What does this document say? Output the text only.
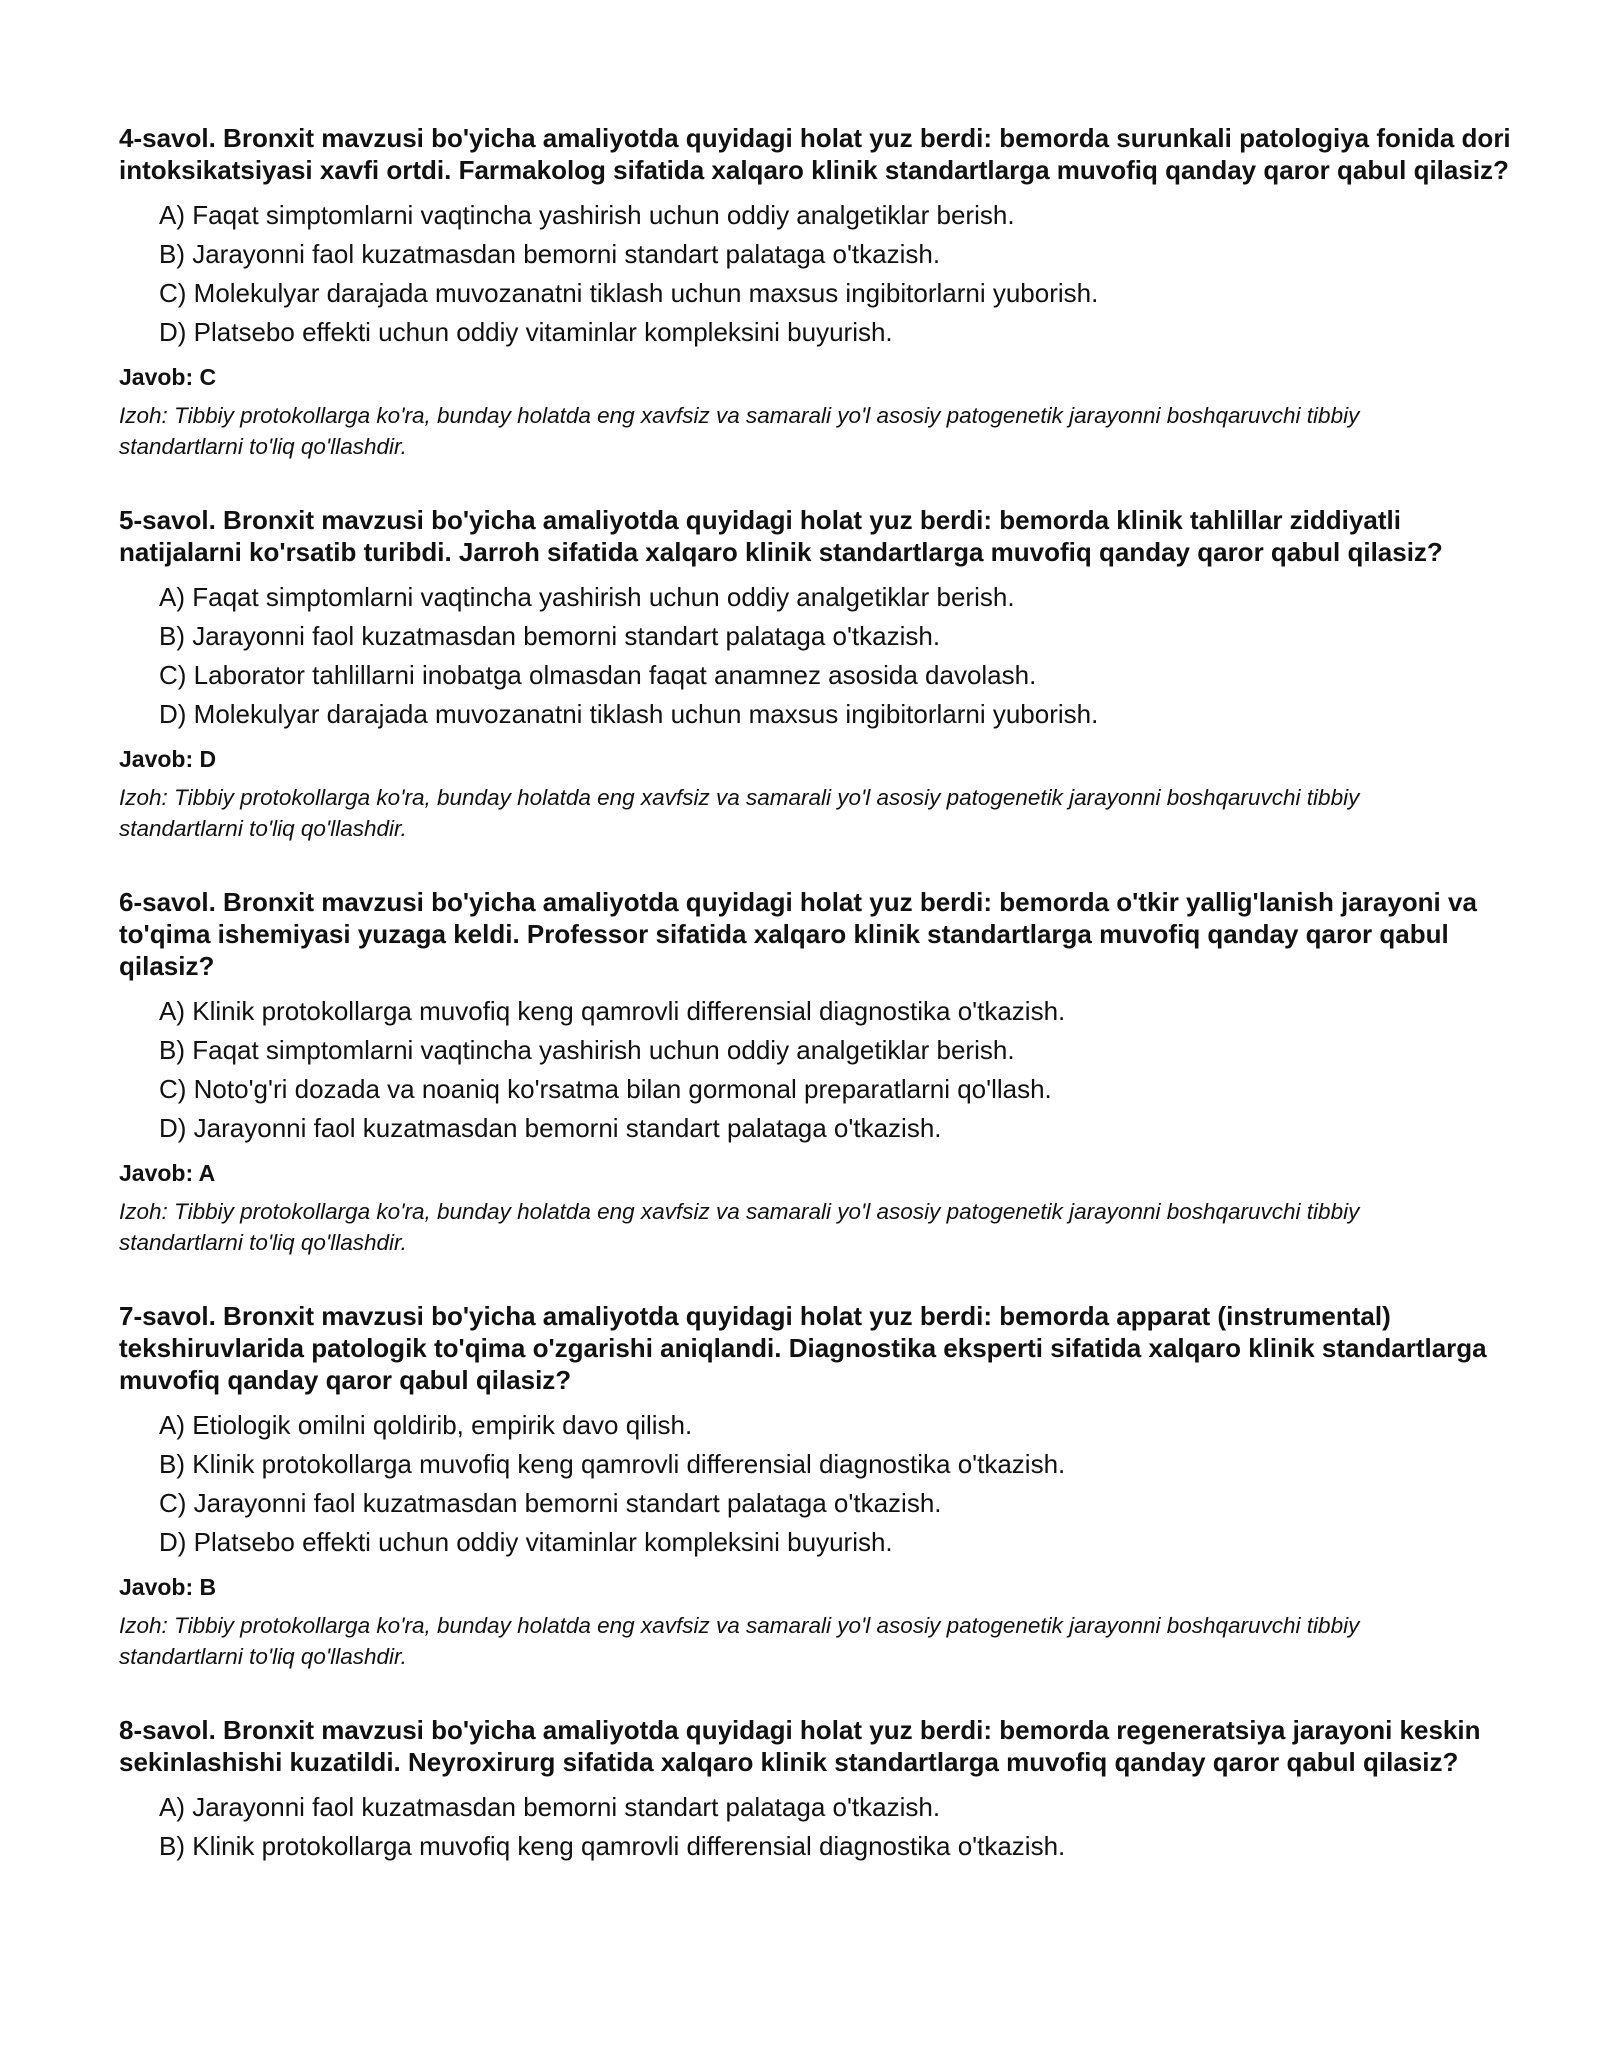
4-savol. Bronxit mavzusi bo'yicha amaliyotda quyidagi holat yuz berdi: bemorda surunkali patologiya fonida dori intoksikatsiyasi xavfi ortdi. Farmakolog sifatida xalqaro klinik standartlarga muvofiq qanday qaror qabul qilasiz?

A) Faqat simptomlarni vaqtincha yashirish uchun oddiy analgetiklar berish.
B) Jarayonni faol kuzatmasdan bemorni standart palataga o'tkazish.
C) Molekulyar darajada muvozanatni tiklash uchun maxsus ingibitorlarni yuborish.
D) Platsebo effekti uchun oddiy vitaminlar kompleksini buyurish.
Javob: C
Izoh: Tibbiy protokollarga ko'ra, bunday holatda eng xavfsiz va samarali yo'l asosiy patogenetik jarayonni boshqaruvchi tibbiy standartlarni to'liq qo'llashdir.

5-savol. Bronxit mavzusi bo'yicha amaliyotda quyidagi holat yuz berdi: bemorda klinik tahlillar ziddiyatli natijalarni ko'rsatib turibdi. Jarroh sifatida xalqaro klinik standartlarga muvofiq qanday qaror qabul qilasiz?

A) Faqat simptomlarni vaqtincha yashirish uchun oddiy analgetiklar berish.
B) Jarayonni faol kuzatmasdan bemorni standart palataga o'tkazish.
C) Laborator tahlillarni inobatga olmasdan faqat anamnez asosida davolash.
D) Molekulyar darajada muvozanatni tiklash uchun maxsus ingibitorlarni yuborish.
Javob: D
Izoh: Tibbiy protokollarga ko'ra, bunday holatda eng xavfsiz va samarali yo'l asosiy patogenetik jarayonni boshqaruvchi tibbiy standartlarni to'liq qo'llashdir.

6-savol. Bronxit mavzusi bo'yicha amaliyotda quyidagi holat yuz berdi: bemorda o'tkir yallig'lanish jarayoni va to'qima ishemiyasi yuzaga keldi. Professor sifatida xalqaro klinik standartlarga muvofiq qanday qaror qabul qilasiz?

A) Klinik protokollarga muvofiq keng qamrovli differensial diagnostika o'tkazish.
B) Faqat simptomlarni vaqtincha yashirish uchun oddiy analgetiklar berish.
C) Noto'g'ri dozada va noaniq ko'rsatma bilan gormonal preparatlarni qo'llash.
D) Jarayonni faol kuzatmasdan bemorni standart palataga o'tkazish.
Javob: A
Izoh: Tibbiy protokollarga ko'ra, bunday holatda eng xavfsiz va samarali yo'l asosiy patogenetik jarayonni boshqaruvchi tibbiy standartlarni to'liq qo'llashdir.

7-savol. Bronxit mavzusi bo'yicha amaliyotda quyidagi holat yuz berdi: bemorda apparat (instrumental) tekshiruvlarida patologik to'qima o'zgarishi aniqlandi. Diagnostika eksperti sifatida xalqaro klinik standartlarga muvofiq qanday qaror qabul qilasiz?

A) Etiologik omilni qoldirib, empirik davo qilish.
B) Klinik protokollarga muvofiq keng qamrovli differensial diagnostika o'tkazish.
C) Jarayonni faol kuzatmasdan bemorni standart palataga o'tkazish.
D) Platsebo effekti uchun oddiy vitaminlar kompleksini buyurish.
Javob: B
Izoh: Tibbiy protokollarga ko'ra, bunday holatda eng xavfsiz va samarali yo'l asosiy patogenetik jarayonni boshqaruvchi tibbiy standartlarni to'liq qo'llashdir.

8-savol. Bronxit mavzusi bo'yicha amaliyotda quyidagi holat yuz berdi: bemorda regeneratsiya jarayoni keskin sekinlashishi kuzatildi. Neyroxirurg sifatida xalqaro klinik standartlarga muvofiq qanday qaror qabul qilasiz?

A) Jarayonni faol kuzatmasdan bemorni standart palataga o'tkazish.
B) Klinik protokollarga muvofiq keng qamrovli differensial diagnostika o'tkazish.
